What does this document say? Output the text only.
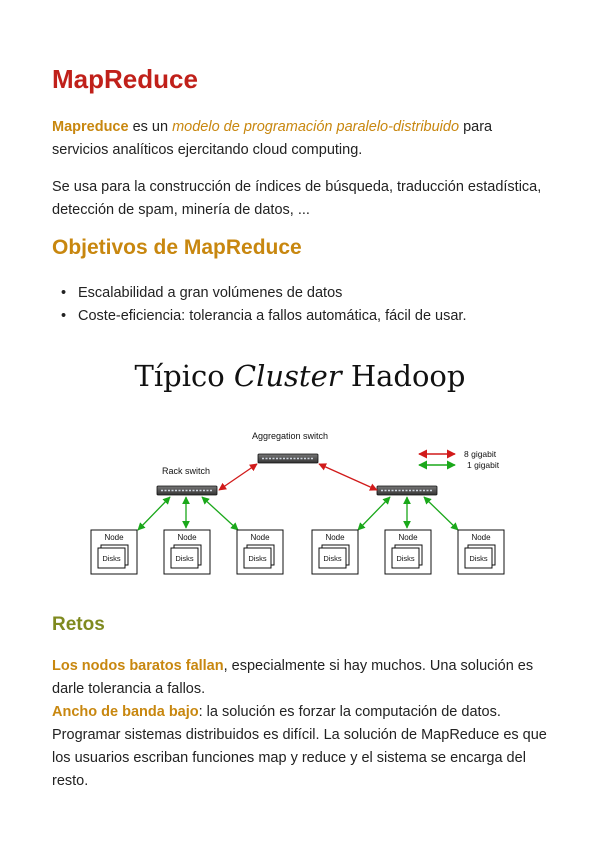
MapReduce

Mapreduce es un modelo de programación paralelo-distribuido para servicios analíticos ejercitando cloud computing.

Se usa para la construcción de índices de búsqueda, traducción estadística, detección de spam, minería de datos, ...

Objetivos de MapReduce
• Escalabilidad a gran volúmenes de datos
• Coste-eficiencia: tolerancia a fallos automática, fácil de usar.
Típico Cluster Hadoop
Aggregation switch
Rack switch
8 gigabit
1 gigabit
Node
Disks
Node
Disks
Node
Disks
Node
Disks
Node
Disks
Node
Disks
Retos

Los nodos baratos fallan, especialmente si hay muchos. Una solución es darle tolerancia a fallos.

Ancho de banda bajo: la solución es forzar la computación de datos. Programar sistemas distribuidos es difícil. La solución de MapReduce es que los usuarios escriban funciones map y reduce y el sistema se encarga del resto.
